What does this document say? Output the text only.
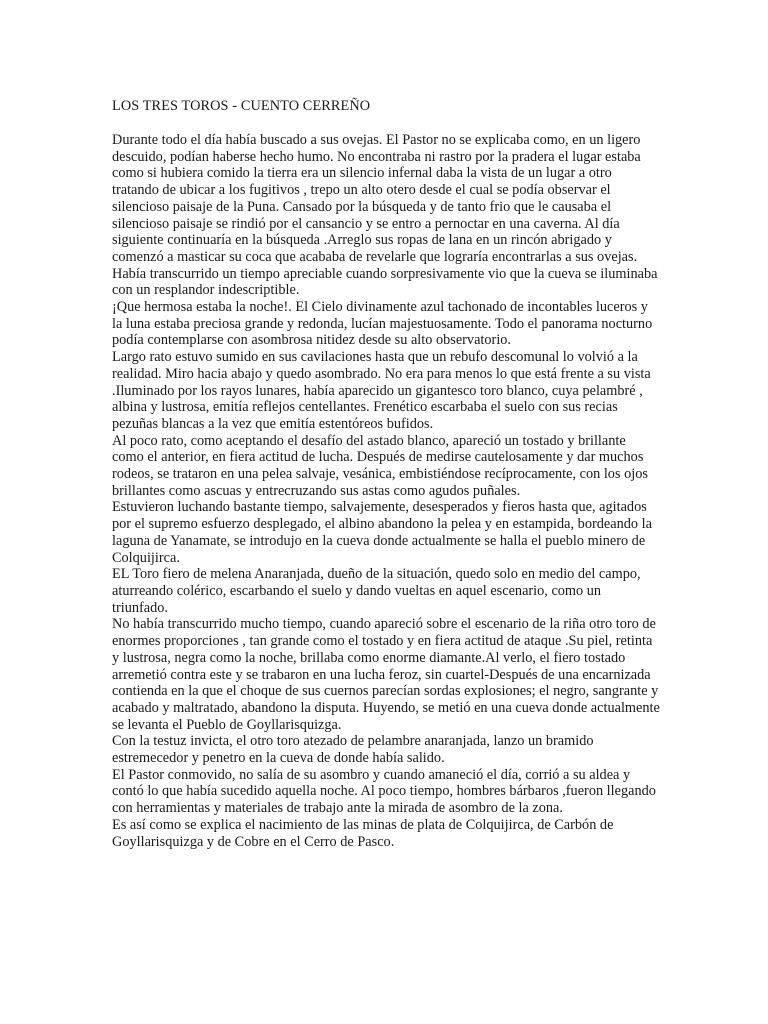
LOS TRES TOROS - CUENTO CERREÑO

Durante todo el día había buscado a sus ovejas. El Pastor no se explicaba como, en un ligero descuido, podían haberse hecho humo. No encontraba ni rastro por la pradera el lugar estaba como si hubiera comido la tierra era un silencio infernal daba la vista de un lugar a otro tratando de ubicar a los fugitivos , trepo un alto otero desde el cual se podía observar el silencioso paisaje de la Puna. Cansado por la búsqueda y de tanto frio que le causaba el silencioso paisaje se rindió por el cansancio y se entro a pernoctar en una caverna. Al día siguiente continuaría en la búsqueda .Arreglo sus ropas de lana en un rincón abrigado y comenzó a masticar su coca que acababa de revelarle que lograría encontrarlas a sus ovejas. Había transcurrido un tiempo apreciable cuando sorpresivamente vio que la cueva se iluminaba con un resplandor indescriptible.

¡Que hermosa estaba la noche!. El Cielo divinamente azul tachonado de incontables luceros y la luna estaba preciosa grande y redonda, lucían majestuosamente. Todo el panorama nocturno podía contemplarse con asombrosa nitidez desde su alto observatorio.

Largo rato estuvo sumido en sus cavilaciones hasta que un rebufo descomunal lo volvió a la realidad. Miro hacia abajo y quedo asombrado. No era para menos lo que está frente a su vista .Iluminado por los rayos lunares, había aparecido un gigantesco toro blanco, cuya pelambré , albina y lustrosa, emitía reflejos centellantes. Frenético escarbaba el suelo con sus recias pezuñas blancas a la vez que emitía estentóreos bufidos.

Al poco rato, como aceptando el desafío del astado blanco, apareció un tostado y brillante como el anterior, en fiera actitud de lucha. Después de medirse cautelosamente y dar muchos rodeos, se trataron en una pelea salvaje, vesánica, embistiéndose recíprocamente, con los ojos brillantes como ascuas y entrecruzando sus astas como agudos puñales.

Estuvieron luchando bastante tiempo, salvajemente, desesperados y fieros hasta que, agitados por el supremo esfuerzo desplegado, el albino abandono la pelea y en estampida, bordeando la laguna de Yanamate, se introdujo en la cueva donde actualmente se halla el pueblo minero de Colquijirca.

EL Toro fiero de melena Anaranjada, dueño de la situación, quedo solo en medio del campo, aturreando colérico, escarbando el suelo y dando vueltas en aquel escenario, como un triunfado.

No había transcurrido mucho tiempo, cuando apareció sobre el escenario de la riña otro toro de enormes proporciones , tan grande como el tostado y en fiera actitud de ataque .Su piel, retinta y lustrosa, negra como la noche, brillaba como enorme diamante.Al verlo, el fiero tostado arremetió contra este y se trabaron en una lucha feroz, sin cuartel-Después de una encarnizada contienda en la que el choque de sus cuernos parecían sordas explosiones; el negro, sangrante y acabado y maltratado, abandono la disputa. Huyendo, se metió en una cueva donde actualmente se levanta el Pueblo de Goyllarisquizga.

Con la testuz invicta, el otro toro atezado de pelambre anaranjada, lanzo un bramido estremecedor y penetro en la cueva de donde había salido.

El Pastor conmovido, no salía de su asombro y cuando amaneció el día, corrió a su aldea y contó lo que había sucedido aquella noche. Al poco tiempo, hombres bárbaros ,fueron llegando con herramientas y materiales de trabajo ante la mirada de asombro de la zona.

Es así como se explica el nacimiento de las minas de plata de Colquijirca, de Carbón de Goyllarisquizga y de Cobre en el Cerro de Pasco.
